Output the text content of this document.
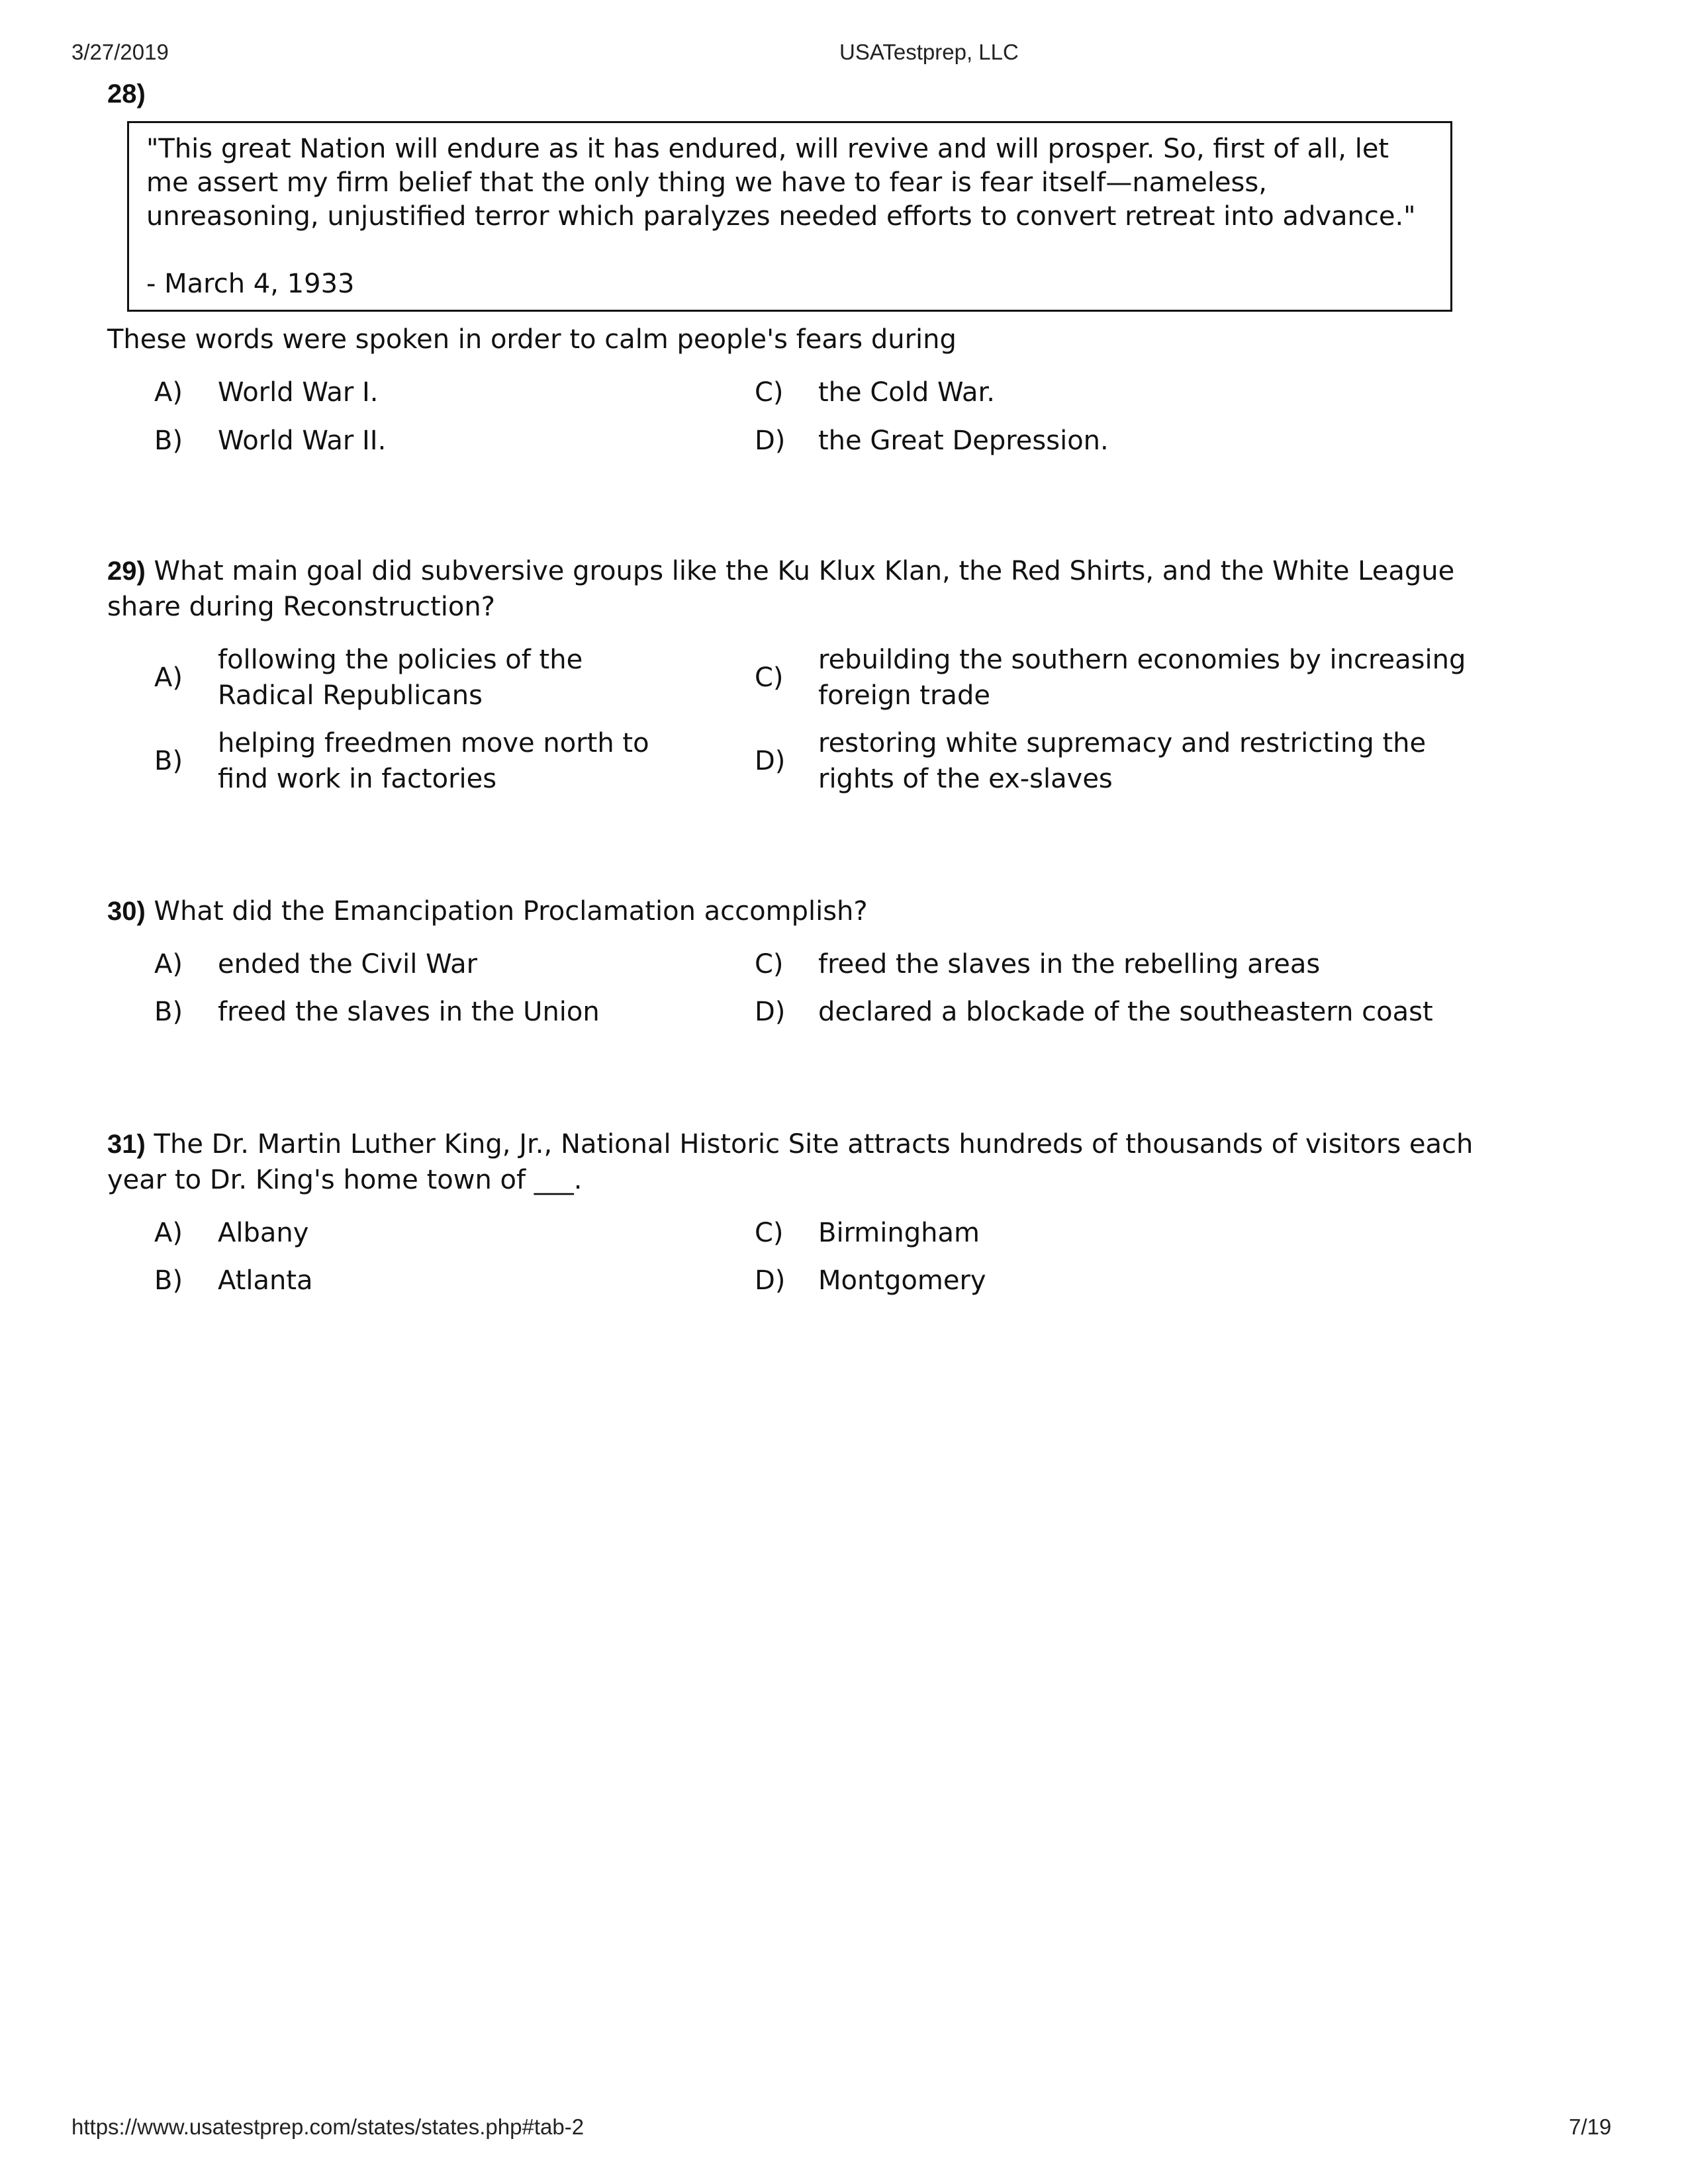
3/27/2019	USATestprep, LLC
28)
"This great Nation will endure as it has endured, will revive and will prosper. So, first of all, let me assert my firm belief that the only thing we have to fear is fear itself—nameless, unreasoning, unjustified terror which paralyzes needed efforts to convert retreat into advance."
- March 4, 1933

These words were spoken in order to calm people's fears during

A)	World War I.
B)	World War II.
C)	the Cold War.
D)	the Great Depression.

29) What main goal did subversive groups like the Ku Klux Klan, the Red Shirts, and the White League share during Reconstruction?

A)
following the policies of the Radical Republicans
B)
helping freedmen move north to find work in factories
C)
rebuilding the southern economies by increasing foreign trade
D)
restoring white supremacy and restricting the rights of the ex-slaves

30) What did the Emancipation Proclamation accomplish?

A)	ended the Civil War
B)	freed the slaves in the Union
C)	freed the slaves in the rebelling areas
D)	declared a blockade of the southeastern coast

31) The Dr. Martin Luther King, Jr., National Historic Site attracts hundreds of thousands of visitors each year to Dr. King's home town of ___.

A)	Albany
B)	Atlanta
C)	Birmingham
D)	Montgomery
https://www.usatestprep.com/states/states.php#tab-2	7/19
